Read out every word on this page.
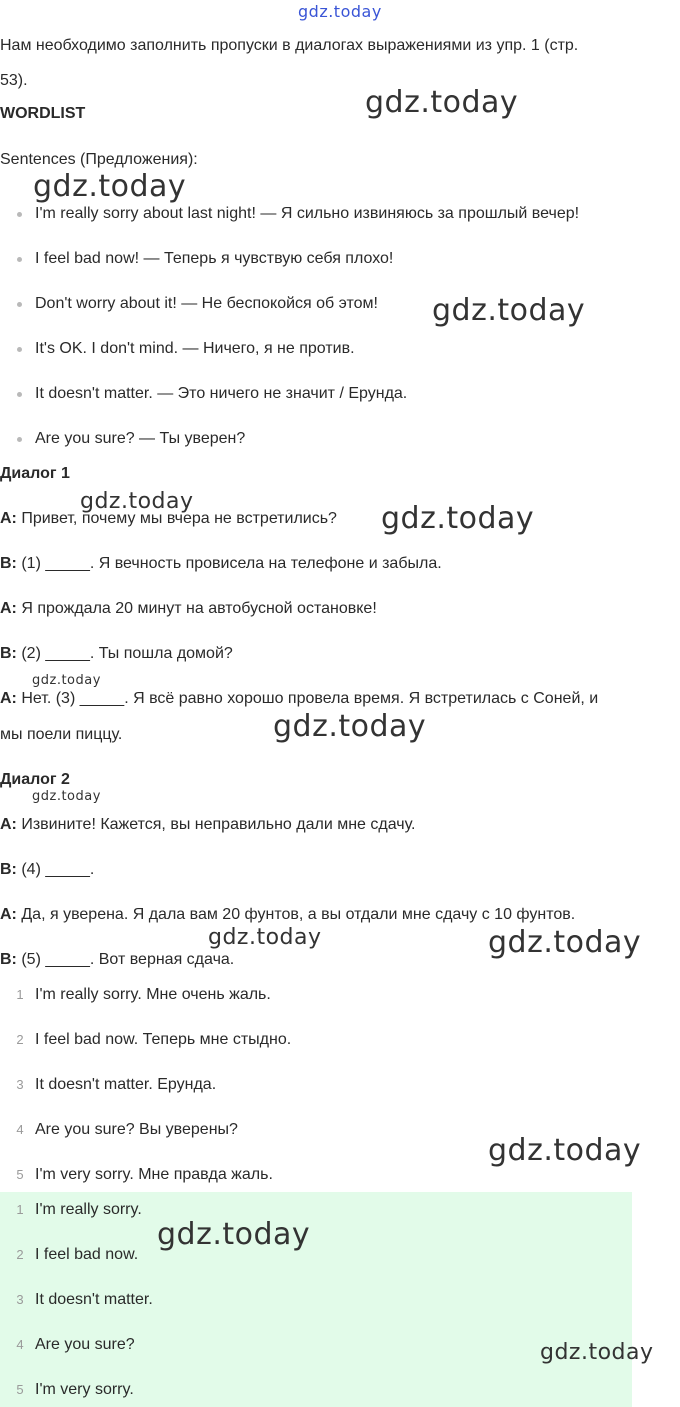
gdz.today
gdz.today
gdz.today
gdz.today
gdz.today	gdz.today
gdz.today
gdz.today
gdz.today
gdz.today	gdz.today
gdz.today
gdz.today
gdz.today
Нам необходимо заполнить пропуски в диалогах выражениями из упр. 1 (стр.
53).
WORDLIST
Sentences (Предложения):
I'm really sorry about last night! — Я сильно извиняюсь за прошлый вечер!
I feel bad now! — Теперь я чувствую себя плохо!
Don't worry about it! — Не беспокойся об этом!
It's OK. I don't mind. — Ничего, я не против.
It doesn't matter. — Это ничего не значит / Ерунда.
Are you sure? — Ты уверен?
Диалог 1
A: Привет, почему мы вчера не встретились?
B: (1) _____. Я вечность провисела на телефоне и забыла.
A: Я прождала 20 минут на автобусной остановке!
B: (2) _____. Ты пошла домой?
A: Нет. (3) _____. Я всё равно хорошо провела время. Я встретилась с Соней, и
мы поели пиццу.
Диалог 2
A: Извините! Кажется, вы неправильно дали мне сдачу.
B: (4) _____.
A: Да, я уверена. Я дала вам 20 фунтов, а вы отдали мне сдачу с 10 фунтов.
B: (5) _____. Вот верная сдача.
1 I'm really sorry. Мне очень жаль.
2 I feel bad now. Теперь мне стыдно.
3 It doesn't matter. Ерунда.
4 Are you sure? Вы уверены?
5 I'm very sorry. Мне правда жаль.
1 I'm really sorry.
2 I feel bad now.
3 It doesn't matter.
4 Are you sure?
5 I'm very sorry.
